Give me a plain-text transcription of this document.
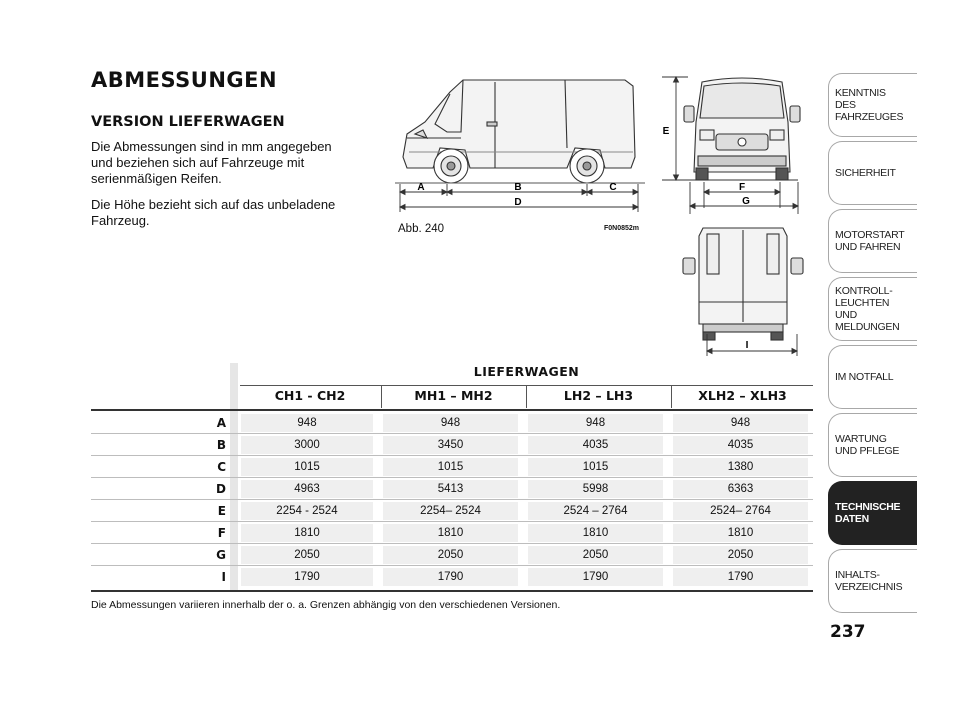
ABMESSUNGEN
VERSION LIEFERWAGEN
Die Abmessungen sind in mm angegeben und beziehen sich auf Fahrzeuge mit serienmäßigen Reifen.
Die Höhe bezieht sich auf das unbeladene Fahrzeug.
A	B	C
D
E
F
G
I
Abb. 240	F0N0852m
LIEFERWAGEN
CH1 - CH2	MH1 – MH2	LH2 – LH3	XLH2 – XLH3
A	948	948	948	948
B	3000	3450	4035	4035
C	1015	1015	1015	1380
D	4963	5413	5998	6363
E	2254 - 2524	2254– 2524	2524 – 2764	2524– 2764
F	1810	1810	1810	1810
G	2050	2050	2050	2050
I	1790	1790	1790	1790
Die Abmessungen variieren innerhalb der o. a. Grenzen abhängig von den verschiedenen Versionen.
KENNTNIS
DES FAHRZEUGES
SICHERHEIT
MOTORSTART
UND FAHREN
KONTROLL-
LEUCHTEN
UND MELDUNGEN
IM NOTFALL
WARTUNG
UND PFLEGE
TECHNISCHE
DATEN
INHALTS-
VERZEICHNIS
237
